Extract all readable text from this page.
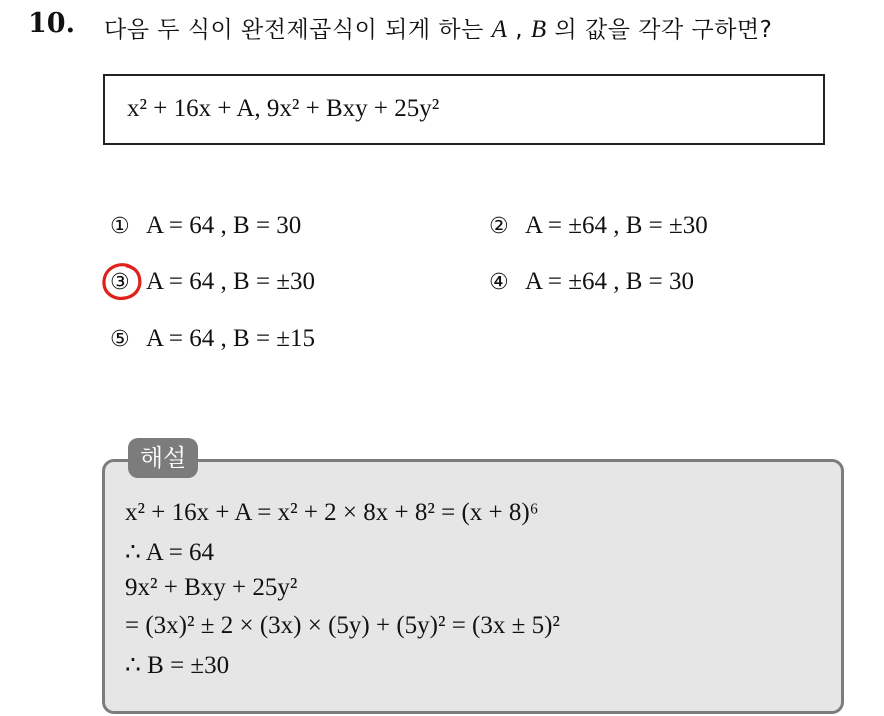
10. 다음 두 식이 완전제곱식이 되게 하는 A , B 의 값을 각각 구하면?
x² + 16x + A, 9x² + Bxy + 25y²
① A = 64 , B = 30	② A = ±64 , B = ±30
③ A = 64 , B = ±30	④ A = ±64 , B = 30
⑤ A = 64 , B = ±15
해설
x² + 16x + A = x² + 2 × 8x + 8² = (x + 8)⁶
∴ A = 64
9x² + Bxy + 25y²
= (3x)² ± 2 × (3x) × (5y) + (5y)² = (3x ± 5)²
∴ B = ±30
